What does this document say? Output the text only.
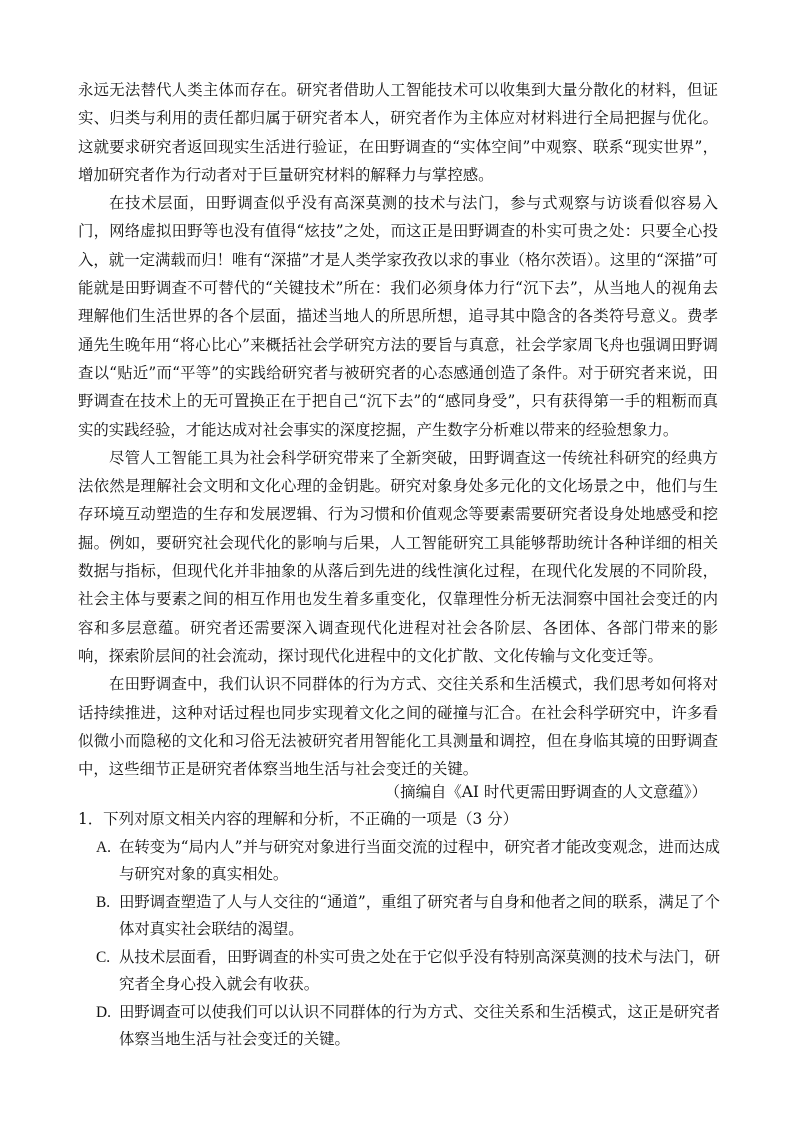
永远无法替代人类主体而存在。研究者借助人工智能技术可以收集到大量分散化的材料，但证实、归类与利用的责任都归属于研究者本人，研究者作为主体应对材料进行全局把握与优化。这就要求研究者返回现实生活进行验证，在田野调查的“实体空间”中观察、联系“现实世界”，增加研究者作为行动者对于巨量研究材料的解释力与掌控感。

在技术层面，田野调查似乎没有高深莫测的技术与法门，参与式观察与访谈看似容易入门，网络虚拟田野等也没有值得“炫技”之处，而这正是田野调查的朴实可贵之处：只要全心投入，就一定满载而归！唯有“深描”才是人类学家孜孜以求的事业（格尔茨语）。这里的“深描”可能就是田野调查不可替代的“关键技术”所在：我们必须身体力行“沉下去”，从当地人的视角去理解他们生活世界的各个层面，描述当地人的所思所想，追寻其中隐含的各类符号意义。费孝通先生晚年用“将心比心”来概括社会学研究方法的要旨与真意，社会学家周飞舟也强调田野调查以“贴近”而“平等”的实践给研究者与被研究者的心态感通创造了条件。对于研究者来说，田野调查在技术上的无可置换正在于把自己“沉下去”的“感同身受”，只有获得第一手的粗粝而真实的实践经验，才能达成对社会事实的深度挖掘，产生数字分析难以带来的经验想象力。

尽管人工智能工具为社会科学研究带来了全新突破，田野调查这一传统社科研究的经典方法依然是理解社会文明和文化心理的金钥匙。研究对象身处多元化的文化场景之中，他们与生存环境互动塑造的生存和发展逻辑、行为习惯和价值观念等要素需要研究者设身处地感受和挖掘。例如，要研究社会现代化的影响与后果，人工智能研究工具能够帮助统计各种详细的相关数据与指标，但现代化并非抽象的从落后到先进的线性演化过程，在现代化发展的不同阶段，社会主体与要素之间的相互作用也发生着多重变化，仅靠理性分析无法洞察中国社会变迁的内容和多层意蕴。研究者还需要深入调查现代化进程对社会各阶层、各团体、各部门带来的影响，探索阶层间的社会流动，探讨现代化进程中的文化扩散、文化传输与文化变迁等。

在田野调查中，我们认识不同群体的行为方式、交往关系和生活模式，我们思考如何将对话持续推进，这种对话过程也同步实现着文化之间的碰撞与汇合。在社会科学研究中，许多看似微小而隐秘的文化和习俗无法被研究者用智能化工具测量和调控，但在身临其境的田野调查中，这些细节正是研究者体察当地生活与社会变迁的关键。

（摘编自《AI 时代更需田野调查的人文意蕴》）

1．下列对原文相关内容的理解和分析，不正确的一项是（3 分）

A. 在转变为“局内人”并与研究对象进行当面交流的过程中，研究者才能改变观念，进而达成与研究对象的真实相处。
B. 田野调查塑造了人与人交往的“通道”，重组了研究者与自身和他者之间的联系，满足了个体对真实社会联结的渴望。
C. 从技术层面看，田野调查的朴实可贵之处在于它似乎没有特别高深莫测的技术与法门，研究者全身心投入就会有收获。
D. 田野调查可以使我们可以认识不同群体的行为方式、交往关系和生活模式，这正是研究者体察当地生活与社会变迁的关键。
